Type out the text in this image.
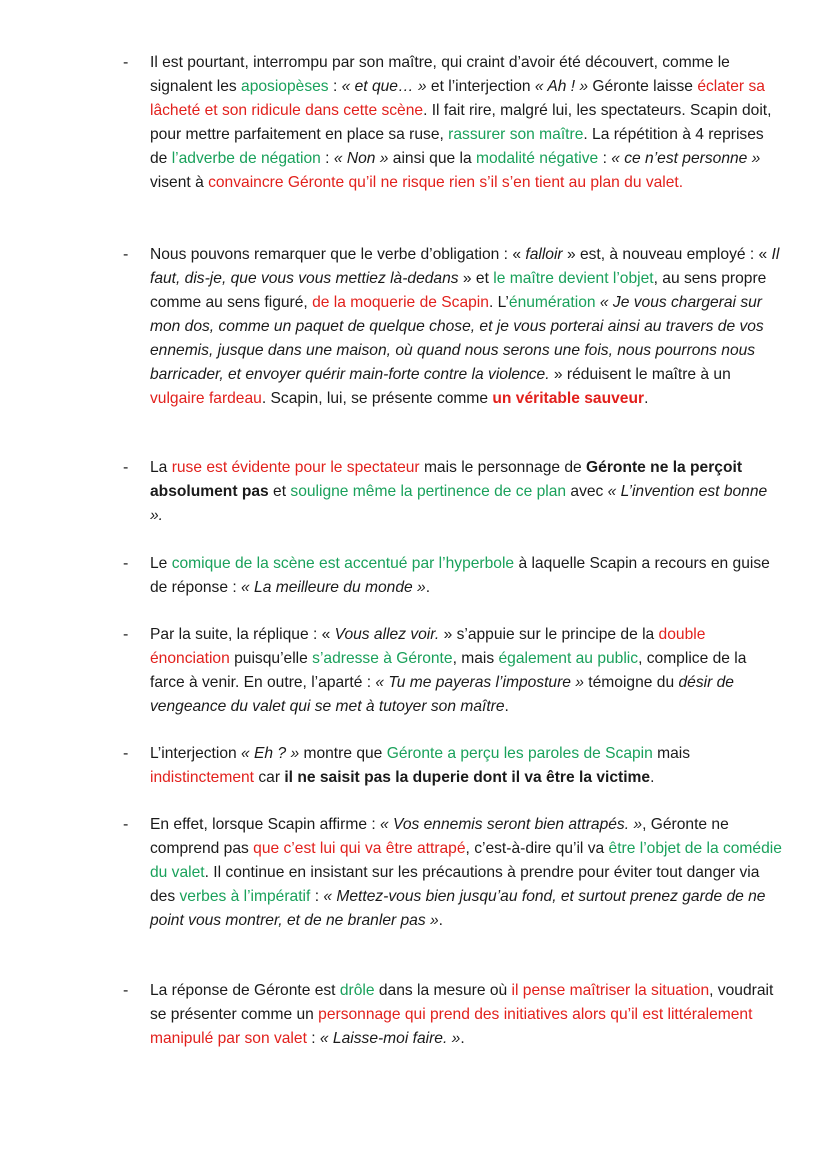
- Il est pourtant, interrompu par son maître, qui craint d’avoir été découvert, comme le signalent les aposiopèses : « et que… » et l’interjection « Ah ! » Géronte laisse éclater sa lâcheté et son ridicule dans cette scène. Il fait rire, malgré lui, les spectateurs. Scapin doit, pour mettre parfaitement en place sa ruse, rassurer son maître. La répétition à 4 reprises de l’adverbe de négation : « Non » ainsi que la modalité négative : « ce n’est personne » visent à convaincre Géronte qu’il ne risque rien s’il s’en tient au plan du valet.

- Nous pouvons remarquer que le verbe d’obligation : « falloir » est, à nouveau employé : « Il faut, dis-je, que vous vous mettiez là-dedans » et le maître devient l’objet, au sens propre comme au sens figuré, de la moquerie de Scapin. L’énumération « Je vous chargerai sur mon dos, comme un paquet de quelque chose, et je vous porterai ainsi au travers de vos ennemis, jusque dans une maison, où quand nous serons une fois, nous pourrons nous barricader, et envoyer quérir main-forte contre la violence. » réduisent le maître à un vulgaire fardeau. Scapin, lui, se présente comme un véritable sauveur.

- La ruse est évidente pour le spectateur mais le personnage de Géronte ne la perçoit absolument pas et souligne même la pertinence de ce plan avec « L’invention est bonne ».

- Le comique de la scène est accentué par l’hyperbole à laquelle Scapin a recours en guise de réponse : « La meilleure du monde ».

- Par la suite, la réplique : « Vous allez voir. » s’appuie sur le principe de la double énonciation puisqu’elle s’adresse à Géronte, mais également au public, complice de la farce à venir. En outre, l’aparté : « Tu me payeras l’imposture » témoigne du désir de vengeance du valet qui se met à tutoyer son maître.

- L’interjection « Eh ? » montre que Géronte a perçu les paroles de Scapin mais indistinctement car il ne saisit pas la duperie dont il va être la victime.

- En effet, lorsque Scapin affirme : « Vos ennemis seront bien attrapés. », Géronte ne comprend pas que c’est lui qui va être attrapé, c’est-à-dire qu’il va être l’objet de la comédie du valet. Il continue en insistant sur les précautions à prendre pour éviter tout danger via des verbes à l’impératif : « Mettez-vous bien jusqu’au fond, et surtout prenez garde de ne point vous montrer, et de ne branler pas ».

- La réponse de Géronte est drôle dans la mesure où il pense maîtriser la situation, voudrait se présenter comme un personnage qui prend des initiatives alors qu’il est littéralement manipulé par son valet : « Laisse-moi faire. ».
